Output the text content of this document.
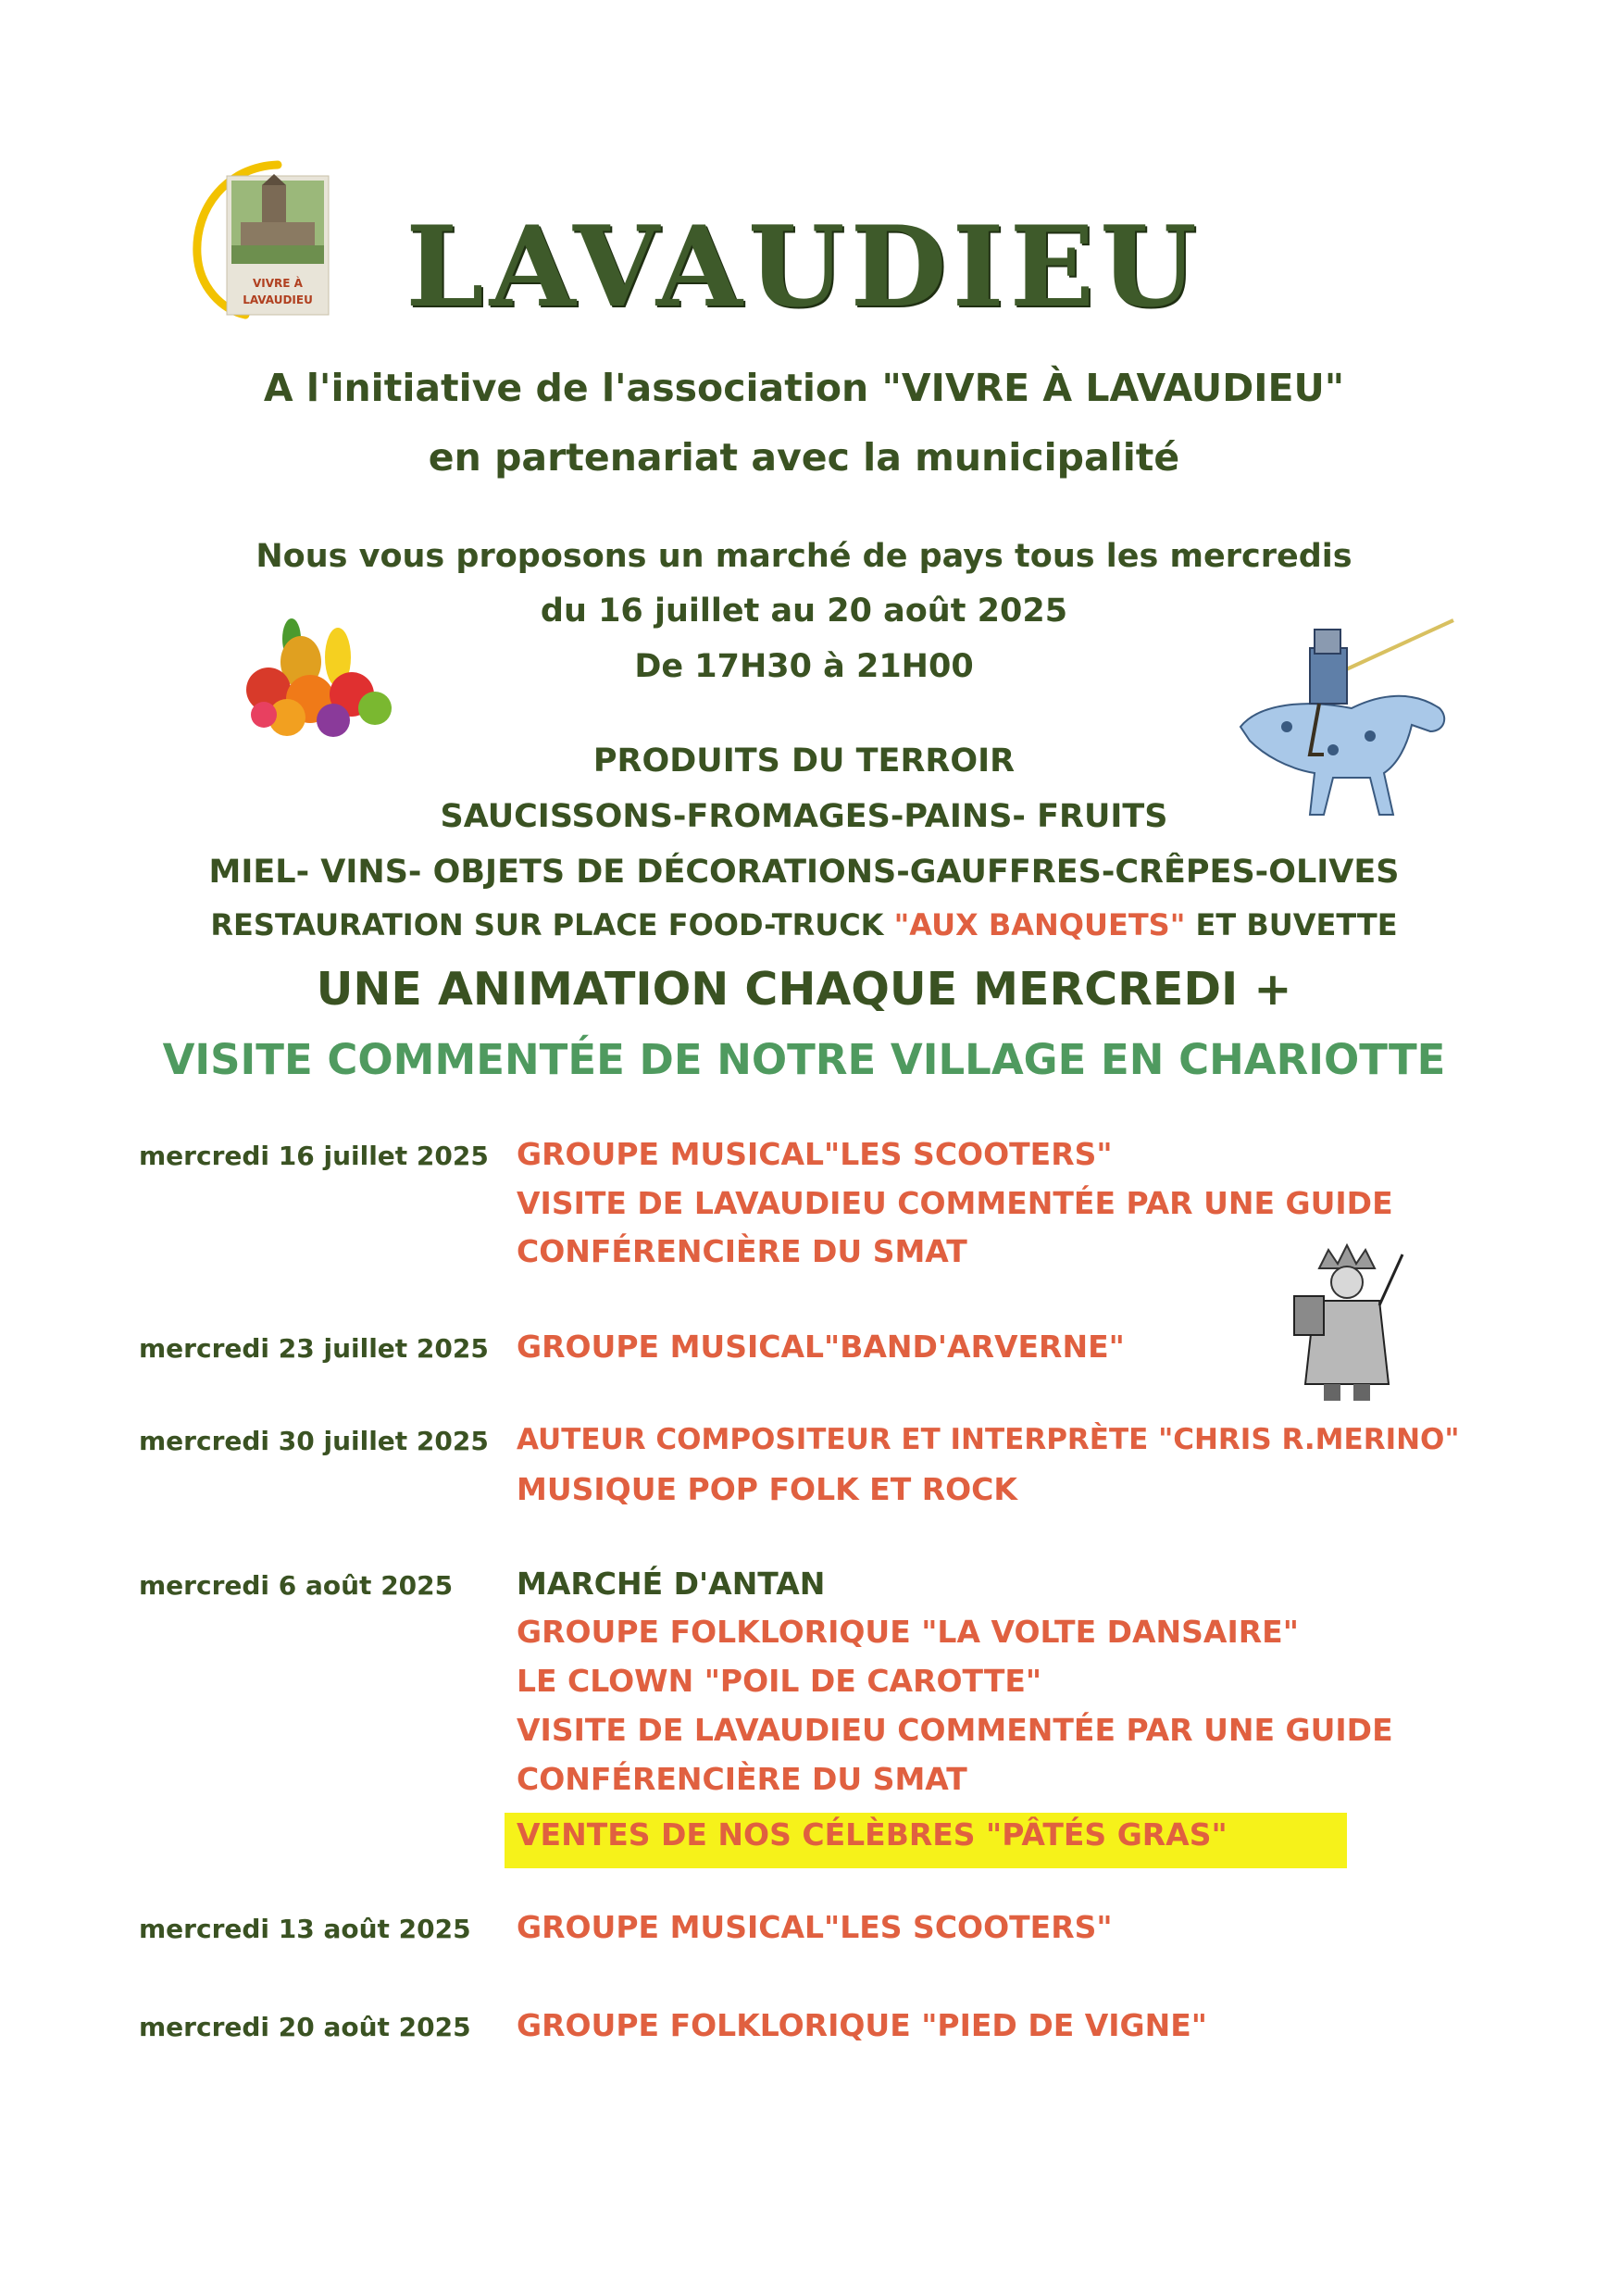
VIVRE À
LAVAUDIEU LAVAUDIEU
A l'initiative de l'association "VIVRE À LAVAUDIEU"
en partenariat avec la municipalité
Nous vous proposons un marché de pays tous les mercredis
du 16 juillet au 20 août 2025
De 17H30 à 21H00
PRODUITS DU TERROIR
SAUCISSONS-FROMAGES-PAINS- FRUITS
MIEL- VINS- OBJETS DE DÉCORATIONS-GAUFFRES-CRÊPES-OLIVES
RESTAURATION SUR PLACE FOOD-TRUCK "AUX BANQUETS" ET BUVETTE
UNE ANIMATION CHAQUE MERCREDI +
VISITE COMMENTÉE DE NOTRE VILLAGE EN CHARIOTTE
mercredi 16 juillet 2025 GROUPE MUSICAL"LES SCOOTERS"
VISITE DE LAVAUDIEU COMMENTÉE PAR UNE GUIDE
CONFÉRENCIÈRE DU SMAT
mercredi 23 juillet 2025 GROUPE MUSICAL"BAND'ARVERNE"
mercredi 30 juillet 2025 AUTEUR COMPOSITEUR ET INTERPRÈTE "CHRIS R.MERINO"
MUSIQUE POP FOLK ET ROCK
mercredi 6 août 2025 MARCHÉ D'ANTAN
GROUPE FOLKLORIQUE "LA VOLTE DANSAIRE"
LE CLOWN "POIL DE CAROTTE"
VISITE DE LAVAUDIEU COMMENTÉE PAR UNE GUIDE
CONFÉRENCIÈRE DU SMAT
VENTES DE NOS CÉLÈBRES "PÂTÉS GRAS"
mercredi 13 août 2025 GROUPE MUSICAL"LES SCOOTERS"
mercredi 20 août 2025 GROUPE FOLKLORIQUE "PIED DE VIGNE"
